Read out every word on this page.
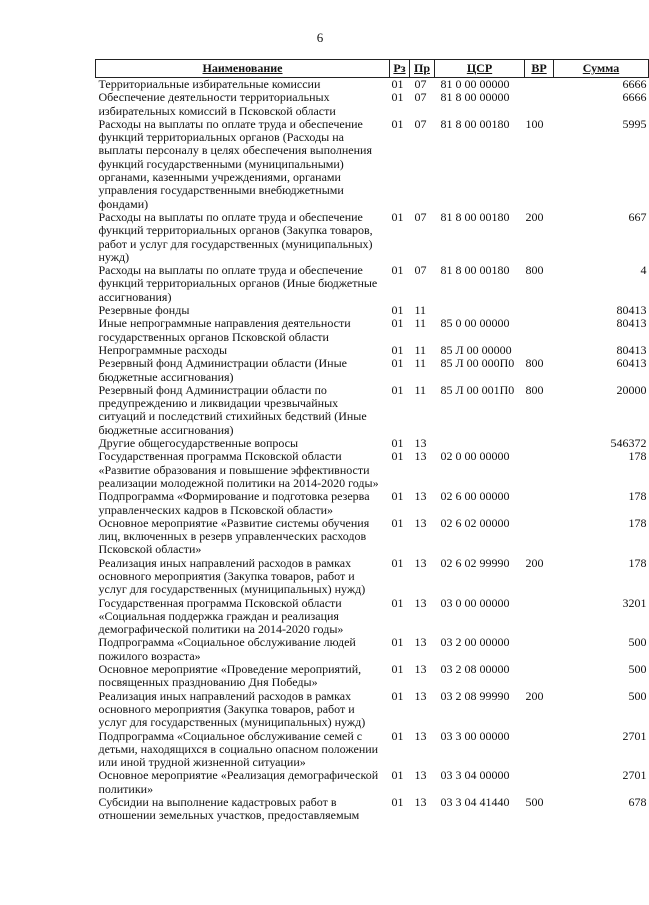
6
Наименование	Рз	Пр	ЦСР	ВР	Сумма
Территориальные избирательные комиссии	01	07	81 0 00 00000		6666
Обеспечение деятельности территориальных избирательных комиссий в Псковской области	01	07	81 8 00 00000		6666
Расходы на выплаты по оплате труда и обеспечение функций территориальных органов (Расходы на выплаты персоналу в целях обеспечения выполнения функций государственными (муниципальными) органами, казенными учреждениями, органами управления государственными внебюджетными фондами)	01	07	81 8 00 00180	100	5995
Расходы на выплаты по оплате труда и обеспечение функций территориальных органов (Закупка товаров, работ и услуг для государственных (муниципальных) нужд)	01	07	81 8 00 00180	200	667
Расходы на выплаты по оплате труда и обеспечение функций территориальных органов (Иные бюджетные ассигнования)	01	07	81 8 00 00180	800	4
Резервные фонды	01	11			80413
Иные непрограммные направления деятельности государственных органов Псковской области	01	11	85 0 00 00000		80413
Непрограммные расходы	01	11	85 Л 00 00000		80413
Резервный фонд Администрации области (Иные бюджетные ассигнования)	01	11	85 Л 00 000П0	800	60413
Резервный фонд Администрации области по предупреждению и ликвидации чрезвычайных ситуаций и последствий стихийных бедствий (Иные бюджетные ассигнования)	01	11	85 Л 00 001П0	800	20000
Другие общегосударственные вопросы	01	13			546372
Государственная программа Псковской области «Развитие образования и повышение эффективности реализации молодежной политики на 2014-2020 годы»	01	13	02 0 00 00000		178
Подпрограмма «Формирование и подготовка резерва управленческих кадров в Псковской области»	01	13	02 6 00 00000		178
Основное мероприятие «Развитие системы обучения лиц, включенных в резерв управленческих расходов Псковской области»	01	13	02 6 02 00000		178
Реализация иных направлений расходов в рамках основного мероприятия (Закупка товаров, работ и услуг для государственных (муниципальных) нужд)	01	13	02 6 02 99990	200	178
Государственная программа Псковской области «Социальная поддержка граждан и реализация демографической политики на 2014-2020 годы»	01	13	03 0 00 00000		3201
Подпрограмма «Социальное обслуживание людей пожилого возраста»	01	13	03 2 00 00000		500
Основное мероприятие «Проведение мероприятий, посвященных празднованию Дня Победы»	01	13	03 2 08 00000		500
Реализация иных направлений расходов в рамках основного мероприятия (Закупка товаров, работ и услуг для государственных (муниципальных) нужд)	01	13	03 2 08 99990	200	500
Подпрограмма «Социальное обслуживание семей с детьми, находящихся в социально опасном положении или иной трудной жизненной ситуации»	01	13	03 3 00 00000		2701
Основное мероприятие «Реализация демографической политики»	01	13	03 3 04 00000		2701
Субсидии на выполнение кадастровых работ в отношении земельных участков, предоставляемым	01	13	03 3 04 41440	500	678
